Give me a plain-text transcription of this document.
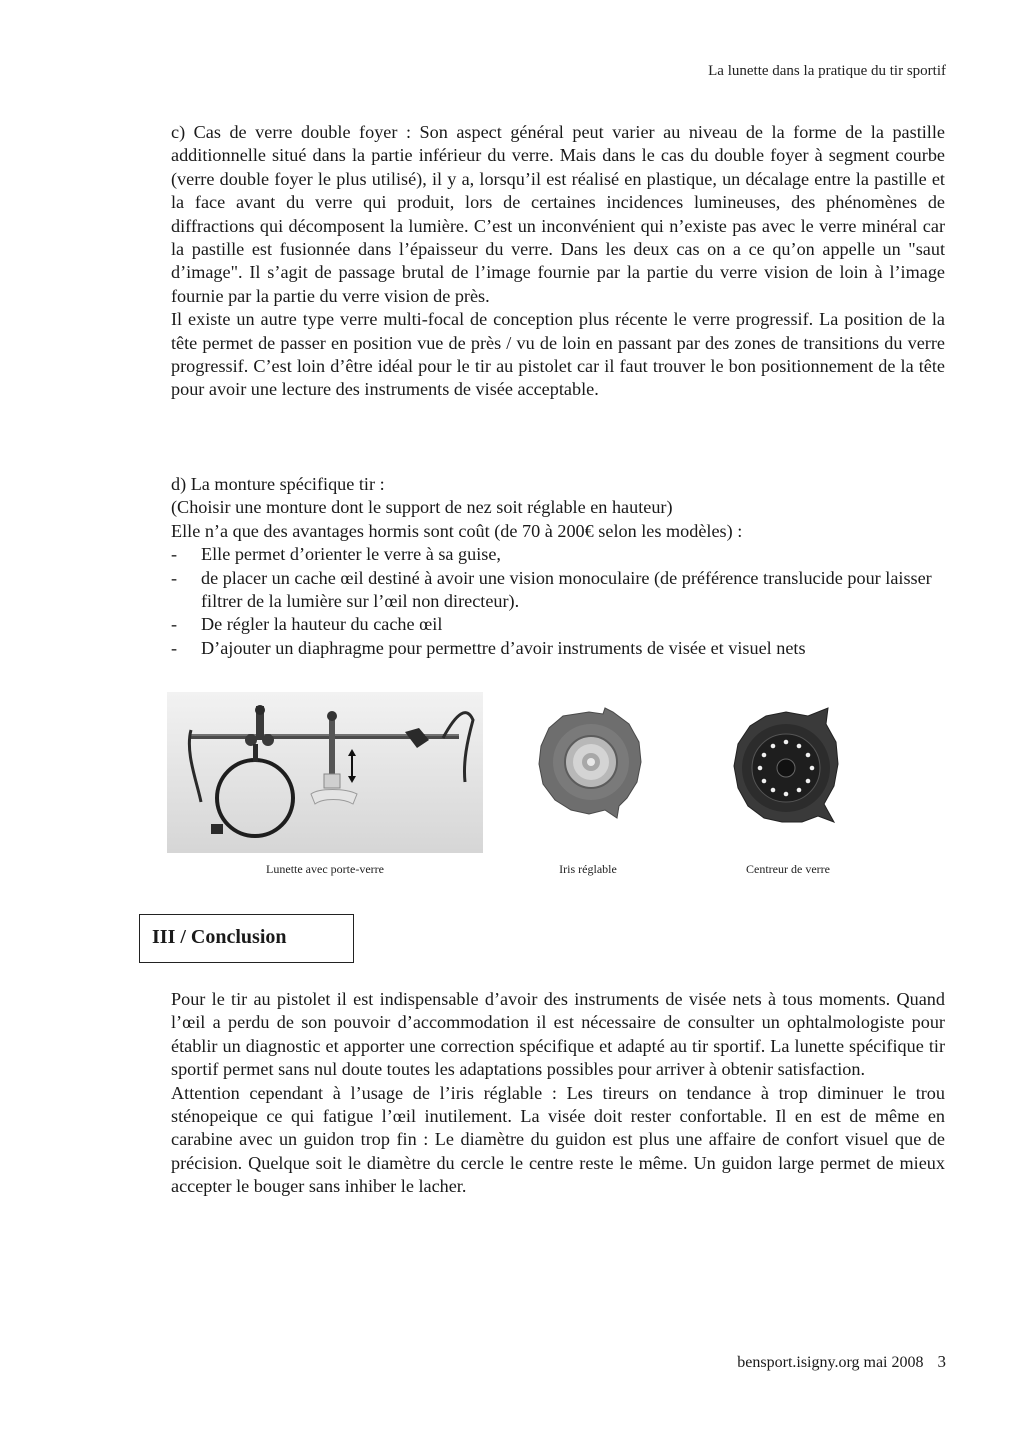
La lunette dans la pratique du tir sportif

c) Cas de verre double foyer : Son aspect général peut varier au niveau de la forme de la pastille additionnelle situé dans la partie inférieur du verre. Mais dans le cas du double foyer à segment courbe (verre double foyer le plus utilisé), il y a, lorsqu’il est réalisé en plastique, un décalage entre la pastille et la face avant du verre qui produit, lors de certaines incidences lumineuses, des phénomènes de diffractions qui décomposent la lumière. C’est un inconvénient qui n’existe pas avec le verre minéral car la pastille est fusionnée dans l’épaisseur du verre. Dans les deux cas on a ce qu’on appelle un "saut d’image". Il s’agit de passage brutal de l’image fournie par la partie du verre vision de loin à l’image fournie par la partie du verre vision de près.

Il existe un autre type verre multi-focal de conception plus récente le verre progressif. La position de la tête permet de passer en position vue de près / vu de loin en passant par des zones de transitions du verre progressif. C’est loin d’être idéal pour le tir au pistolet car il faut trouver le bon positionnement de la tête pour avoir une lecture des instruments de visée acceptable.

d) La monture spécifique tir :

(Choisir une monture dont le support de nez soit réglable en hauteur)

Elle n’a que des avantages hormis sont coût (de 70 à 200€ selon les modèles) :

- Elle permet d’orienter le verre à sa guise,
- de placer un cache œil destiné à avoir une vision monoculaire (de préférence translucide pour laisser filtrer de la lumière sur l’œil non directeur).
- De régler la hauteur du cache œil
- D’ajouter un diaphragme pour permettre d’avoir instruments de visée et visuel nets
Lunette avec porte-verre	Iris réglable	Centreur de verre
III / Conclusion

Pour le tir au pistolet il est indispensable d’avoir des instruments de visée nets à tous moments. Quand l’œil a perdu de son pouvoir d’accommodation il est nécessaire de consulter un ophtalmologiste pour établir un diagnostic et apporter une correction spécifique et adapté au tir sportif. La lunette spécifique tir sportif permet sans nul doute toutes les adaptations possibles pour arriver à obtenir satisfaction.

Attention cependant à l’usage de l’iris réglable : Les tireurs on tendance à trop diminuer le trou sténopeique ce qui fatigue l’œil inutilement. La visée doit rester confortable. Il en est de même en carabine avec un guidon trop fin : Le diamètre du guidon est plus une affaire de confort visuel que de précision. Quelque soit le diamètre du cercle le centre reste le même. Un guidon large permet de mieux accepter le bouger sans inhiber le lacher.

bensport.isigny.org mai 2008 3
